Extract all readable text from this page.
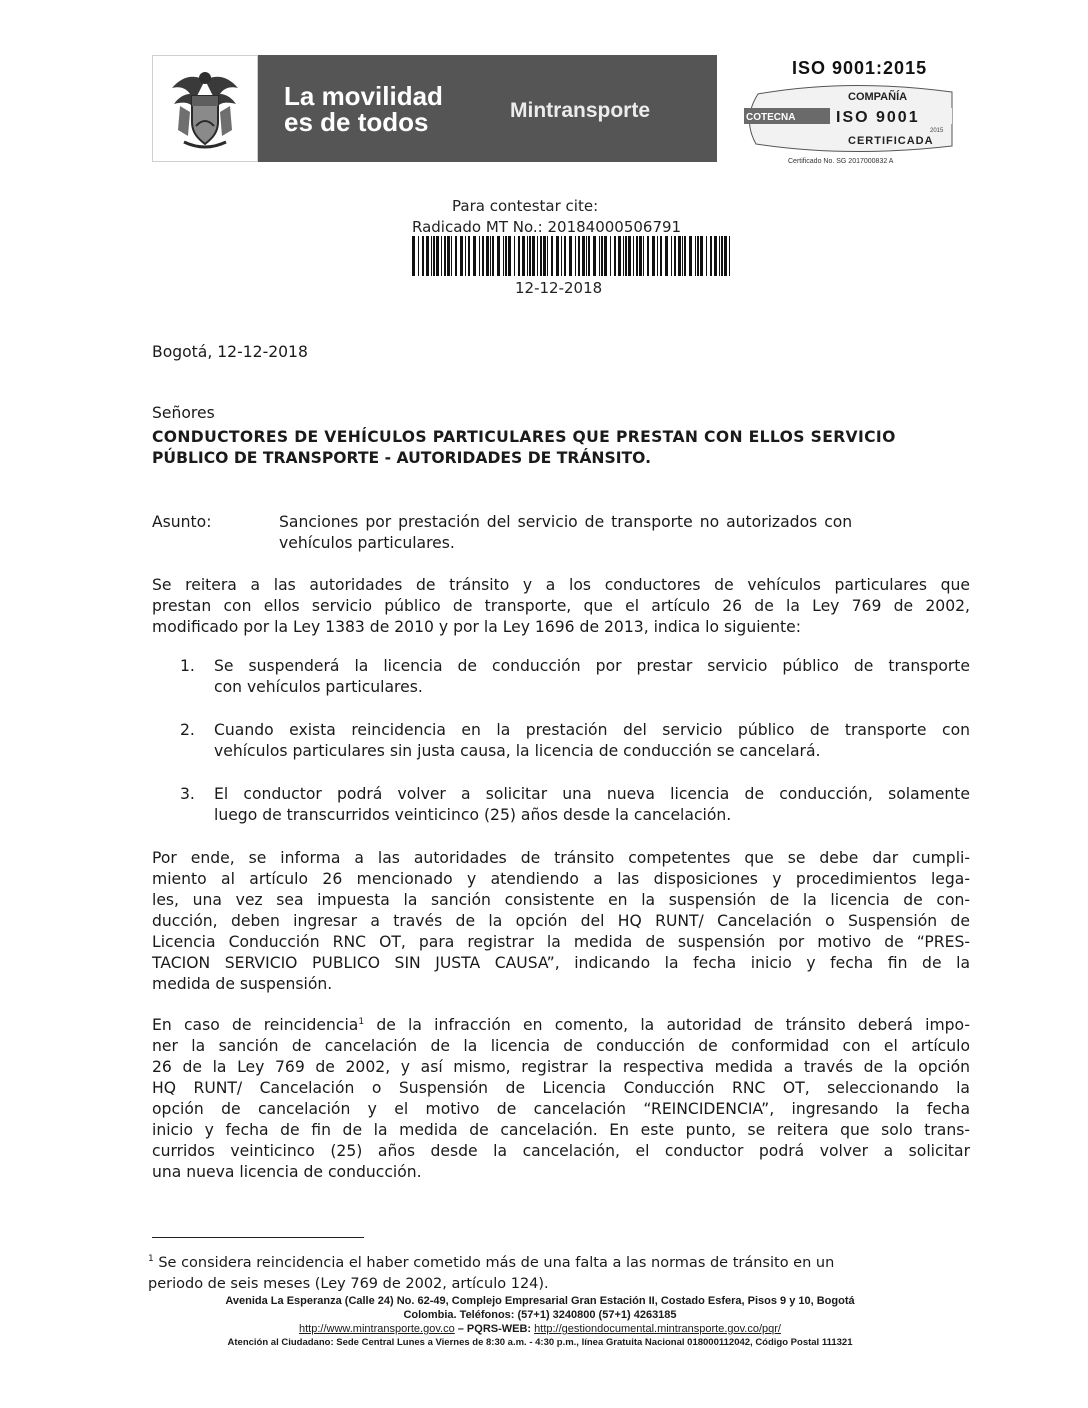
La movilidad
es de todos	Mintransporte
ISO 9001:2015
COMPAÑÍA
COTECNA	ISO 9001
2015
CERTIFICADA
Certificado No. SG 2017000832 A
Para contestar cite:
Radicado MT No.: 20184000506791
12-12-2018
Bogotá, 12-12-2018
Señores
CONDUCTORES DE VEHÍCULOS PARTICULARES QUE PRESTAN CON ELLOS SERVICIO
PÚBLICO DE TRANSPORTE - AUTORIDADES DE TRÁNSITO.
Asunto:	Sanciones por prestación del servicio de transporte no autorizados con
vehículos particulares.
Se reitera a las autoridades de tránsito y a los conductores de vehículos particulares que
prestan con ellos servicio público de transporte, que el artículo 26 de la Ley 769 de 2002,
modificado por la Ley 1383 de 2010 y por la Ley 1696 de 2013, indica lo siguiente:
1. Se suspenderá la licencia de conducción por prestar servicio público de transporte
con vehículos particulares.
2. Cuando exista reincidencia en la prestación del servicio público de transporte con
vehículos particulares sin justa causa, la licencia de conducción se cancelará.
3. El conductor podrá volver a solicitar una nueva licencia de conducción, solamente
luego de transcurridos veinticinco (25) años desde la cancelación.
Por ende, se informa a las autoridades de tránsito competentes que se debe dar cumpli-
miento al artículo 26 mencionado y atendiendo a las disposiciones y procedimientos lega-
les, una vez sea impuesta la sanción consistente en la suspensión de la licencia de con-
ducción, deben ingresar a través de la opción del HQ RUNT/ Cancelación o Suspensión de
Licencia Conducción RNC OT, para registrar la medida de suspensión por motivo de “PRES-
TACION SERVICIO PUBLICO SIN JUSTA CAUSA”, indicando la fecha inicio y fecha fin de la
medida de suspensión.
En caso de reincidencia$^1$ de la infracción en comento, la autoridad de tránsito deberá impo-
ner la sanción de cancelación de la licencia de conducción de conformidad con el artículo
26 de la Ley 769 de 2002, y así mismo, registrar la respectiva medida a través de la opción
HQ RUNT/ Cancelación o Suspensión de Licencia Conducción RNC OT, seleccionando la
opción de cancelación y el motivo de cancelación “REINCIDENCIA”, ingresando la fecha
inicio y fecha de fin de la medida de cancelación. En este punto, se reitera que solo trans-
curridos veinticinco (25) años desde la cancelación, el conductor podrá volver a solicitar
una nueva licencia de conducción.
$^1$ Se considera reincidencia el haber cometido más de una falta a las normas de tránsito en un
periodo de seis meses (Ley 769 de 2002, artículo 124).
Avenida La Esperanza (Calle 24) No. 62-49, Complejo Empresarial Gran Estación II, Costado Esfera, Pisos 9 y 10, Bogotá
Colombia. Teléfonos: (57+1) 3240800 (57+1) 4263185
http://www.mintransporte.gov.co – PQRS-WEB: http://gestiondocumental.mintransporte.gov.co/pqr/
Atención al Ciudadano: Sede Central Lunes a Viernes de 8:30 a.m. - 4:30 p.m., línea Gratuita Nacional 018000112042, Código Postal 111321
